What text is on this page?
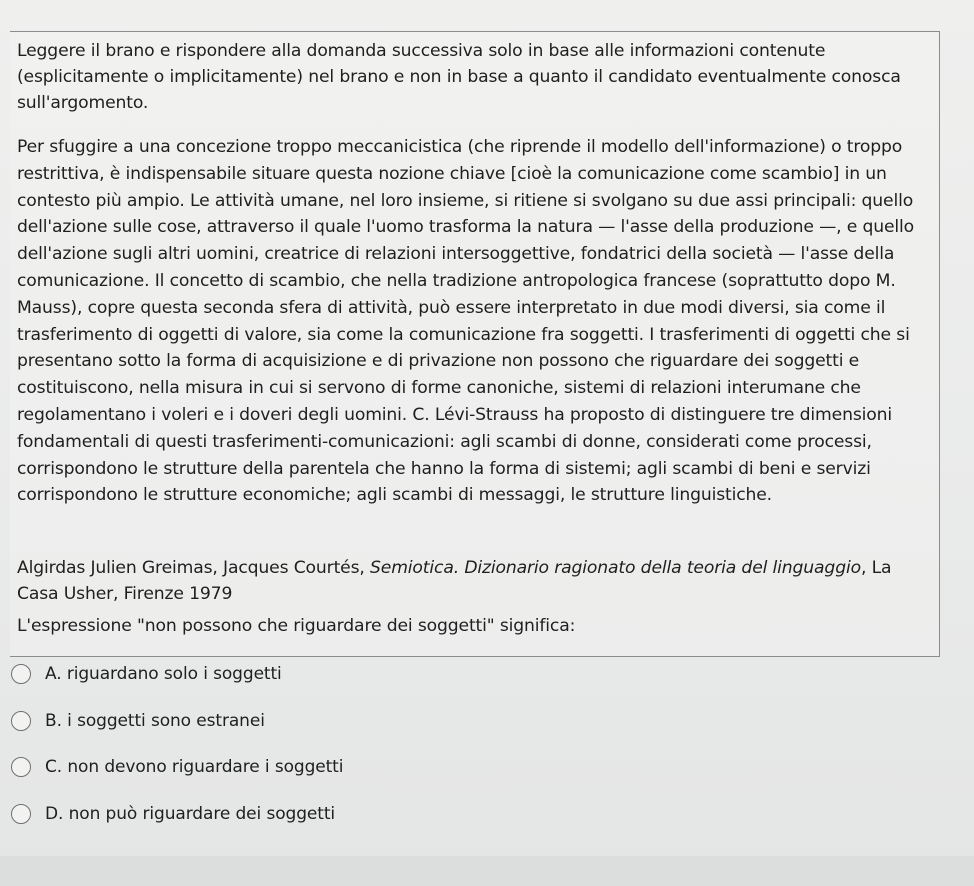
Leggere il brano e rispondere alla domanda successiva solo in base alle informazioni contenute (esplicitamente o implicitamente) nel brano e non in base a quanto il candidato eventualmente conosca sull'argomento.

Per sfuggire a una concezione troppo meccanicistica (che riprende il modello dell'informazione) o troppo restrittiva, è indispensabile situare questa nozione chiave [cioè la comunicazione come scambio] in un contesto più ampio. Le attività umane, nel loro insieme, si ritiene si svolgano su due assi principali: quello dell'azione sulle cose, attraverso il quale l'uomo trasforma la natura — l'asse della produzione —, e quello dell'azione sugli altri uomini, creatrice di relazioni intersoggettive, fondatrici della società — l'asse della comunicazione. Il concetto di scambio, che nella tradizione antropologica francese (soprattutto dopo M. Mauss), copre questa seconda sfera di attività, può essere interpretato in due modi diversi, sia come il trasferimento di oggetti di valore, sia come la comunicazione fra soggetti. I trasferimenti di oggetti che si presentano sotto la forma di acquisizione e di privazione non possono che riguardare dei soggetti e costituiscono, nella misura in cui si servono di forme canoniche, sistemi di relazioni interumane che regolamentano i voleri e i doveri degli uomini. C. Lévi-Strauss ha proposto di distinguere tre dimensioni fondamentali di questi trasferimenti-comunicazioni: agli scambi di donne, considerati come processi, corrispondono le strutture della parentela che hanno la forma di sistemi; agli scambi di beni e servizi corrispondono le strutture economiche; agli scambi di messaggi, le strutture linguistiche.

Algirdas Julien Greimas, Jacques Courtés, Semiotica. Dizionario ragionato della teoria del linguaggio, La Casa Usher, Firenze 1979

L'espressione "non possono che riguardare dei soggetti" significa:

A. riguardano solo i soggetti
B. i soggetti sono estranei
C. non devono riguardare i soggetti
D. non può riguardare dei soggetti
